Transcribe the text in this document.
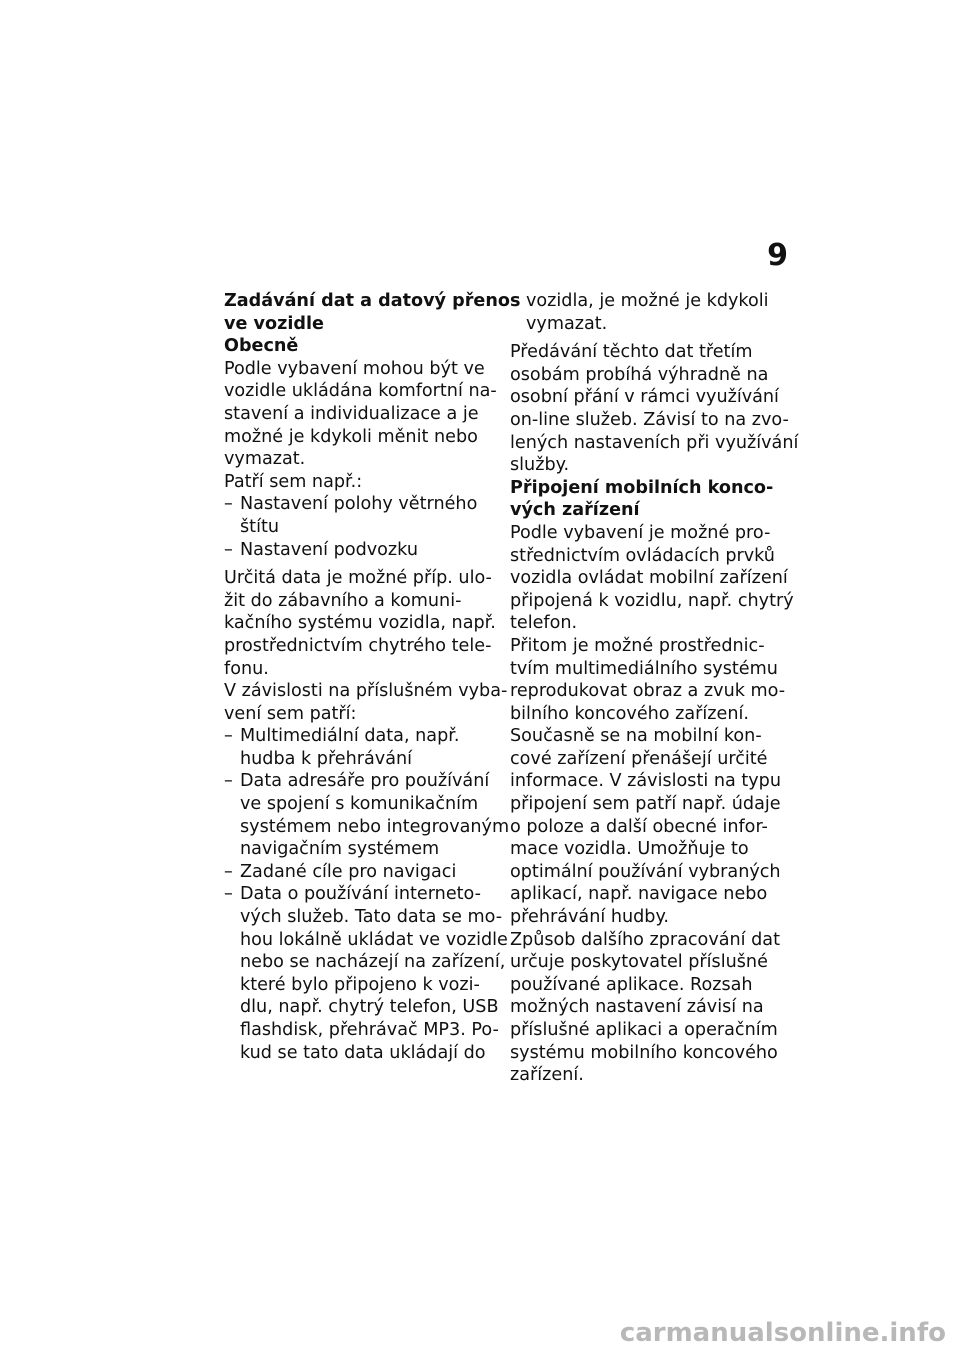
9
Zadávání dat a datový přenos
ve vozidle
Obecně
Podle vybavení mohou být ve
vozidle ukládána komfortní na-
stavení a individualizace a je
možné je kdykoli měnit nebo
vymazat.
Patří sem např.:
– Nastavení polohy větrného
štítu
– Nastavení podvozku
Určitá data je možné příp. ulo-
žit do zábavního a komuni-
kačního systému vozidla, např.
prostřednictvím chytrého tele-
fonu.
V závislosti na příslušném vyba-
vení sem patří:
– Multimediální data, např.
hudba k přehrávání
– Data adresáře pro používání
ve spojení s komunikačním
systémem nebo integrovaným
navigačním systémem
– Zadané cíle pro navigaci
– Data o používání interneto-
vých služeb. Tato data se mo-
hou lokálně ukládat ve vozidle
nebo se nacházejí na zařízení,
které bylo připojeno k vozi-
dlu, např. chytrý telefon, USB
flashdisk, přehrávač MP3. Po-
kud se tato data ukládají do
vozidla, je možné je kdykoli
vymazat.
Předávání těchto dat třetím
osobám probíhá výhradně na
osobní přání v rámci využívání
on-line služeb. Závisí to na zvo-
lených nastaveních při využívání
služby.
Připojení mobilních konco-
vých zařízení
Podle vybavení je možné pro-
střednictvím ovládacích prvků
vozidla ovládat mobilní zařízení
připojená k vozidlu, např. chytrý
telefon.
Přitom je možné prostřednic-
tvím multimediálního systému
reprodukovat obraz a zvuk mo-
bilního koncového zařízení.
Současně se na mobilní kon-
cové zařízení přenášejí určité
informace. V závislosti na typu
připojení sem patří např. údaje
o poloze a další obecné infor-
mace vozidla. Umožňuje to
optimální používání vybraných
aplikací, např. navigace nebo
přehrávání hudby.
Způsob dalšího zpracování dat
určuje poskytovatel příslušné
používané aplikace. Rozsah
možných nastavení závisí na
příslušné aplikaci a operačním
systému mobilního koncového
zařízení.
carmanualsonline.info
